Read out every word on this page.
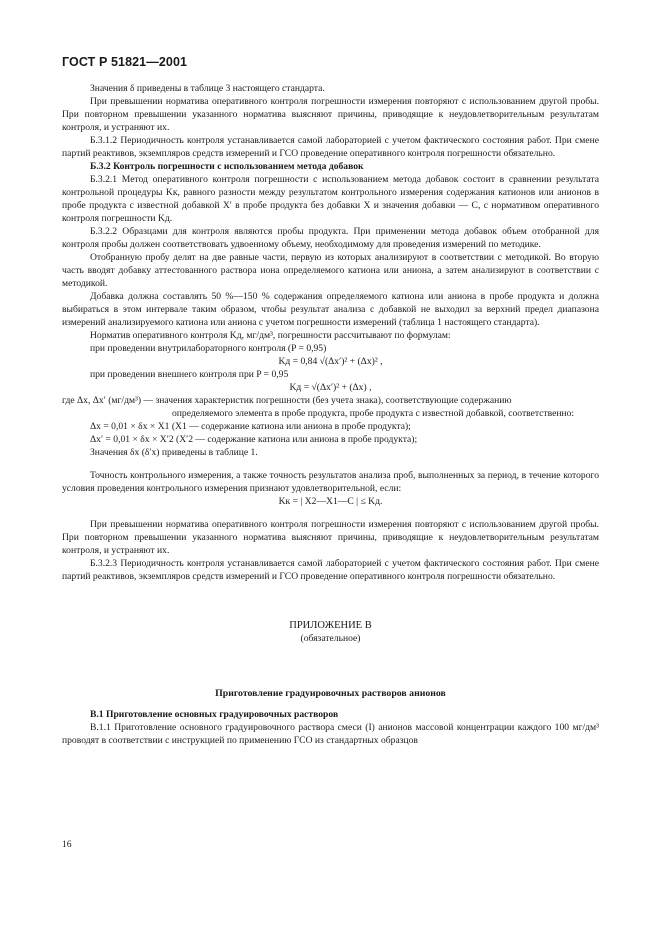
ГОСТ Р 51821—2001

Значения δ приведены в таблице 3 настоящего стандарта.

При превышении норматива оперативного контроля погрешности измерения повторяют с использованием другой пробы. При повторном превышении указанного норматива выясняют причины, приводящие к неудовлетворительным результатам контроля, и устраняют их.

Б.3.1.2 Периодичность контроля устанавливается самой лабораторией с учетом фактического состояния работ. При смене партий реактивов, экземпляров средств измерений и ГСО проведение оперативного контроля погрешности обязательно.

Б.3.2 Контроль погрешности с использованием метода добавок

Б.3.2.1 Метод оперативного контроля погрешности с использованием метода добавок состоит в сравнении результата контрольной процедуры Kк, равного разности между результатом контрольного измерения содержания катионов или анионов в пробе продукта с известной добавкой X′ в пробе продукта без добавки X и значения добавки — C, с нормативом оперативного контроля погрешности Kд.

Б.3.2.2 Образцами для контроля являются пробы продукта. При применении метода добавок объем отобранной для контроля пробы должен соответствовать удвоенному объему, необходимому для проведения измерений по методике.

Отобранную пробу делят на две равные части, первую из которых анализируют в соответствии с методикой. Во вторую часть вводят добавку аттестованного раствора иона определяемого катиона или аниона, а затем анализируют в соответствии с методикой.

Добавка должна составлять 50 %—150 % содержания определяемого катиона или аниона в пробе продукта и должна выбираться в этом интервале таким образом, чтобы результат анализа с добавкой не выходил за верхний предел диапазона измерений анализируемого катиона или аниона с учетом погрешности измерений (таблица 1 настоящего стандарта).

Норматив оперативного контроля Kд, мг/дм³, погрешности рассчитывают по формулам:

при проведении внутрилабораторного контроля (P = 0,95)

Kд = 0,84 √(Δx′)² + (Δx)² ,

при проведении внешнего контроля при P = 0,95

Kд = √(Δx′)² + (Δx) ,

где Δx, Δx′ (мг/дм³) — значения характеристик погрешности (без учета знака), соответствующие содержанию

определяемого элемента в пробе продукта, пробе продукта с известной добавкой, соответственно:

Δx = 0,01 × δx × X1 (X1 — содержание катиона или аниона в пробе продукта);

Δx′ = 0,01 × δx × X′2 (X′2 — содержание катиона или аниона в пробе продукта);

Значения δx (δ′x) приведены в таблице 1.

Точность контрольного измерения, а также точность результатов анализа проб, выполненных за период, в течение которого условия проведения контрольного измерения признают удовлетворительной, если:

Kк = | X2—X1—C | ≤ Kд.

При превышении норматива оперативного контроля погрешности измерения повторяют с использованием другой пробы. При повторном превышении указанного норматива выясняют причины, приводящие к неудовлетворительным результатам контроля, и устраняют их.

Б.3.2.3 Периодичность контроля устанавливается самой лабораторией с учетом фактического состояния работ. При смене партий реактивов, экземпляров средств измерений и ГСО проведение оперативного контроля погрешности обязательно.

ПРИЛОЖЕНИЕ В
(обязательное)
Приготовление градуировочных растворов анионов

В.1 Приготовление основных градуировочных растворов

В.1.1 Приготовление основного градуировочного раствора смеси (I) анионов массовой концентрации каждого 100 мг/дм³ проводят в соответствии с инструкцией по применению ГСО из стандартных образцов

16
